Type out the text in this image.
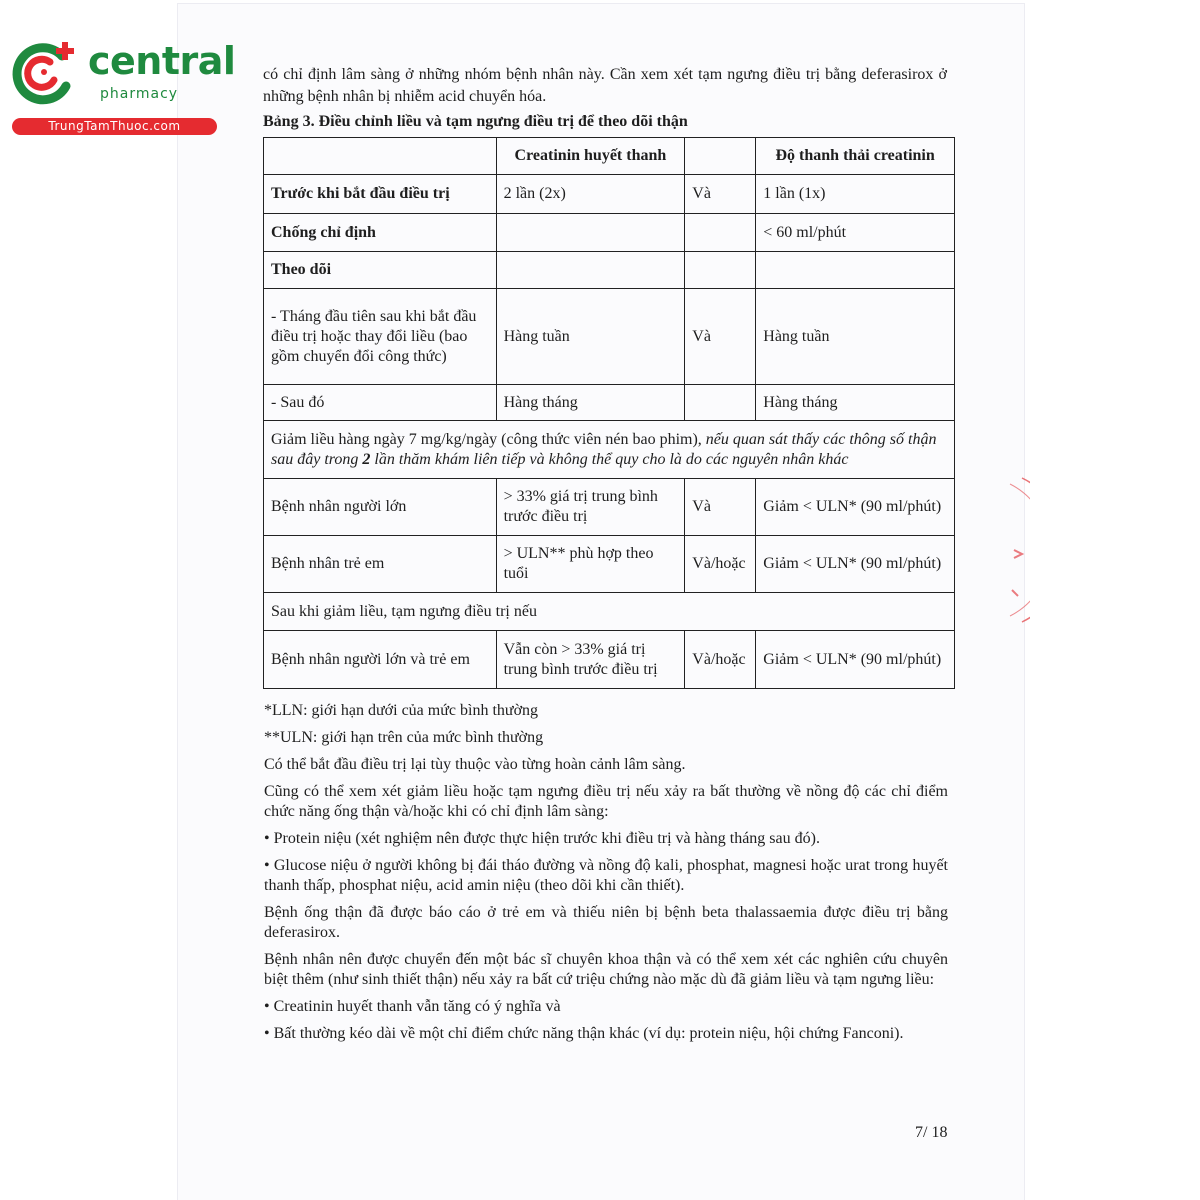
central
pharmacy
TrungTamThuoc.com
có chỉ định lâm sàng ở những nhóm bệnh nhân này. Cần xem xét tạm ngưng điều trị bằng deferasirox ở những bệnh nhân bị nhiễm acid chuyển hóa.
Bảng 3. Điều chỉnh liều và tạm ngưng điều trị để theo dõi thận
	Creatinin huyết thanh		Độ thanh thải creatinin
Trước khi bắt đầu điều trị	2 lần (2x)	Và	1 lần (1x)
Chống chỉ định			< 60 ml/phút
Theo dõi			
- Tháng đầu tiên sau khi bắt đầu điều trị hoặc thay đổi liều (bao gồm chuyển đổi công thức)	Hàng tuần	Và	Hàng tuần
- Sau đó	Hàng tháng		Hàng tháng
Giảm liều hàng ngày 7 mg/kg/ngày (công thức viên nén bao phim), nếu quan sát thấy các thông số thận sau đây trong 2 lần thăm khám liên tiếp và không thể quy cho là do các nguyên nhân khác			
Bệnh nhân người lớn	> 33% giá trị trung bình trước điều trị	Và	Giảm < ULN* (90 ml/phút)
Bệnh nhân trẻ em	> ULN** phù hợp theo tuổi	Và/hoặc	Giảm < ULN* (90 ml/phút)
Sau khi giảm liều, tạm ngưng điều trị nếu			
Bệnh nhân người lớn và trẻ em	Vẫn còn > 33% giá trị trung bình trước điều trị	Và/hoặc	Giảm < ULN* (90 ml/phút)

*LLN: giới hạn dưới của mức bình thường

**ULN: giới hạn trên của mức bình thường

Có thể bắt đầu điều trị lại tùy thuộc vào từng hoàn cảnh lâm sàng.

Cũng có thể xem xét giảm liều hoặc tạm ngưng điều trị nếu xảy ra bất thường về nồng độ các chỉ điểm chức năng ống thận và/hoặc khi có chỉ định lâm sàng:

• Protein niệu (xét nghiệm nên được thực hiện trước khi điều trị và hàng tháng sau đó).

• Glucose niệu ở người không bị đái tháo đường và nồng độ kali, phosphat, magnesi hoặc urat trong huyết thanh thấp, phosphat niệu, acid amin niệu (theo dõi khi cần thiết).

Bệnh ống thận đã được báo cáo ở trẻ em và thiếu niên bị bệnh beta thalassaemia được điều trị bằng deferasirox.

Bệnh nhân nên được chuyển đến một bác sĩ chuyên khoa thận và có thể xem xét các nghiên cứu chuyên biệt thêm (như sinh thiết thận) nếu xảy ra bất cứ triệu chứng nào mặc dù đã giảm liều và tạm ngưng liều:

• Creatinin huyết thanh vẫn tăng có ý nghĩa và

• Bất thường kéo dài về một chỉ điểm chức năng thận khác (ví dụ: protein niệu, hội chứng Fanconi).

7/ 18
